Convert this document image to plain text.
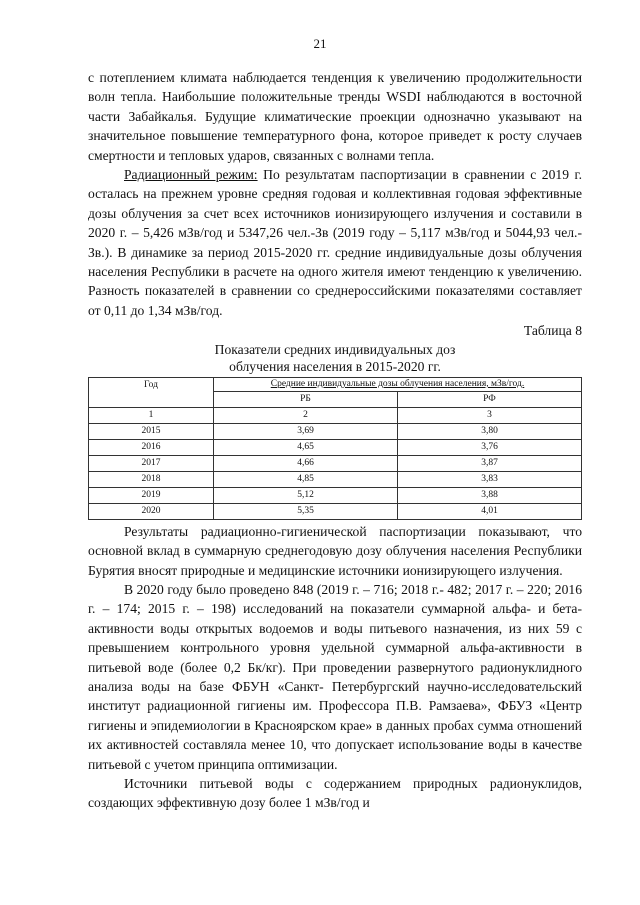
21

с потеплением климата наблюдается тенденция к увеличению продолжительности волн тепла. Наибольшие положительные тренды WSDI наблюдаются в восточной части Забайкалья. Будущие климатические проекции однозначно указывают на значительное повышение температурного фона, которое приведет к росту случаев смертности и тепловых ударов, связанных с волнами тепла.

Радиационный режим: По результатам паспортизации в сравнении с 2019 г. осталась на прежнем уровне средняя годовая и коллективная годовая эффективные дозы облучения за счет всех источников ионизирующего излучения и составили в 2020 г. – 5,426 мЗв/год и 5347,26 чел.-Зв (2019 году – 5,117 мЗв/год и 5044,93 чел.-Зв.). В динамике за период 2015-2020 гг. средние индивидуальные дозы облучения населения Республики в расчете на одного жителя имеют тенденцию к увеличению. Разность показателей в сравнении со среднероссийскими показателями составляет от 0,11 до 1,34 мЗв/год.

Таблица 8
Показатели средних индивидуальных доз
облучения населения в 2015-2020 гг.
Год	Средние индивидуальные дозы облучения населения, мЗв/год.	
	РБ	РФ
1	2	3
2015	3,69	3,80
2016	4,65	3,76
2017	4,66	3,87
2018	4,85	3,83
2019	5,12	3,88
2020	5,35	4,01

Результаты радиационно-гигиенической паспортизации показывают, что основной вклад в суммарную среднегодовую дозу облучения населения Республики Бурятия вносят природные и медицинские источники ионизирующего излучения.

В 2020 году было проведено 848 (2019 г. – 716; 2018 г.- 482; 2017 г. – 220; 2016 г. – 174; 2015 г. – 198) исследований на показатели суммарной альфа- и бета-активности воды открытых водоемов и воды питьевого назначения, из них 59 с превышением контрольного уровня удельной суммарной альфа-активности в питьевой воде (более 0,2 Бк/кг). При проведении развернутого радионуклидного анализа воды на базе ФБУН «Санкт- Петербургский научно-исследовательский институт радиационной гигиены им. Профессора П.В. Рамзаева», ФБУЗ «Центр гигиены и эпидемиологии в Красноярском крае» в данных пробах сумма отношений их активностей составляла менее 10, что допускает использование воды в качестве питьевой с учетом принципа оптимизации.

Источники питьевой воды с содержанием природных радионуклидов, создающих эффективную дозу более 1 мЗв/год и
